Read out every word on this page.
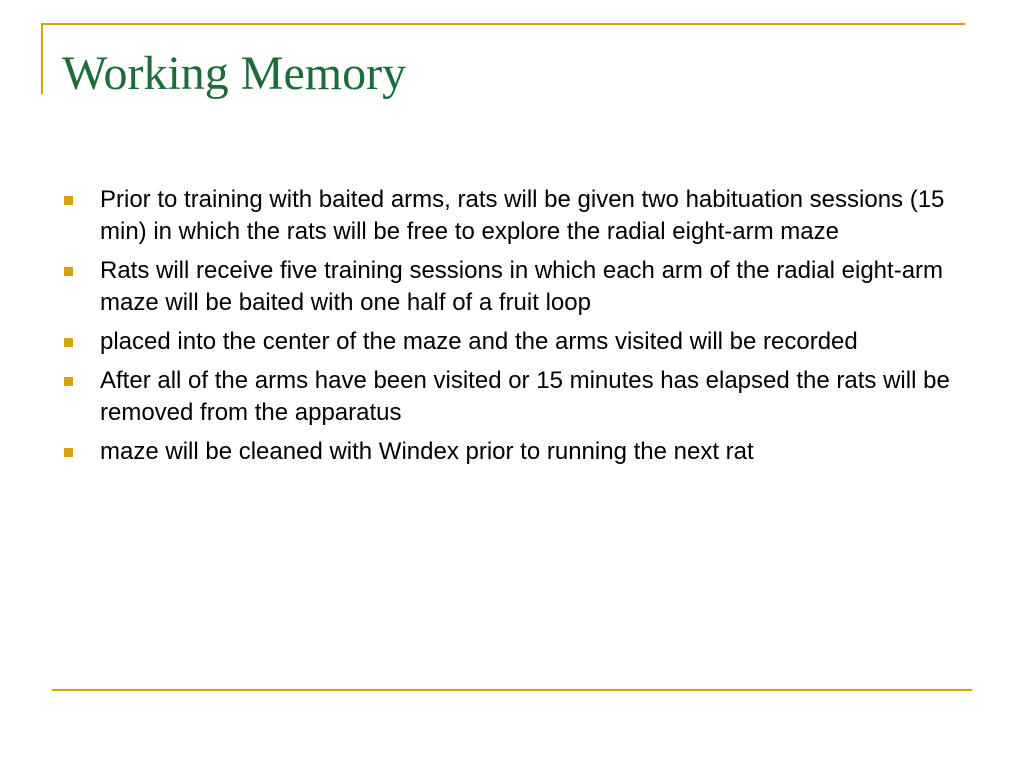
Working Memory
Prior to training with baited arms, rats will be given two habituation sessions (15 min) in which the rats will be free to explore the radial eight-arm maze
Rats will receive five training sessions in which each arm of the radial eight-arm maze will be baited with one half of a fruit loop
placed into the center of the maze and the arms visited will be recorded
After all of the arms have been visited or 15 minutes has elapsed the rats will be removed from the apparatus
maze will be cleaned with Windex prior to running the next rat
